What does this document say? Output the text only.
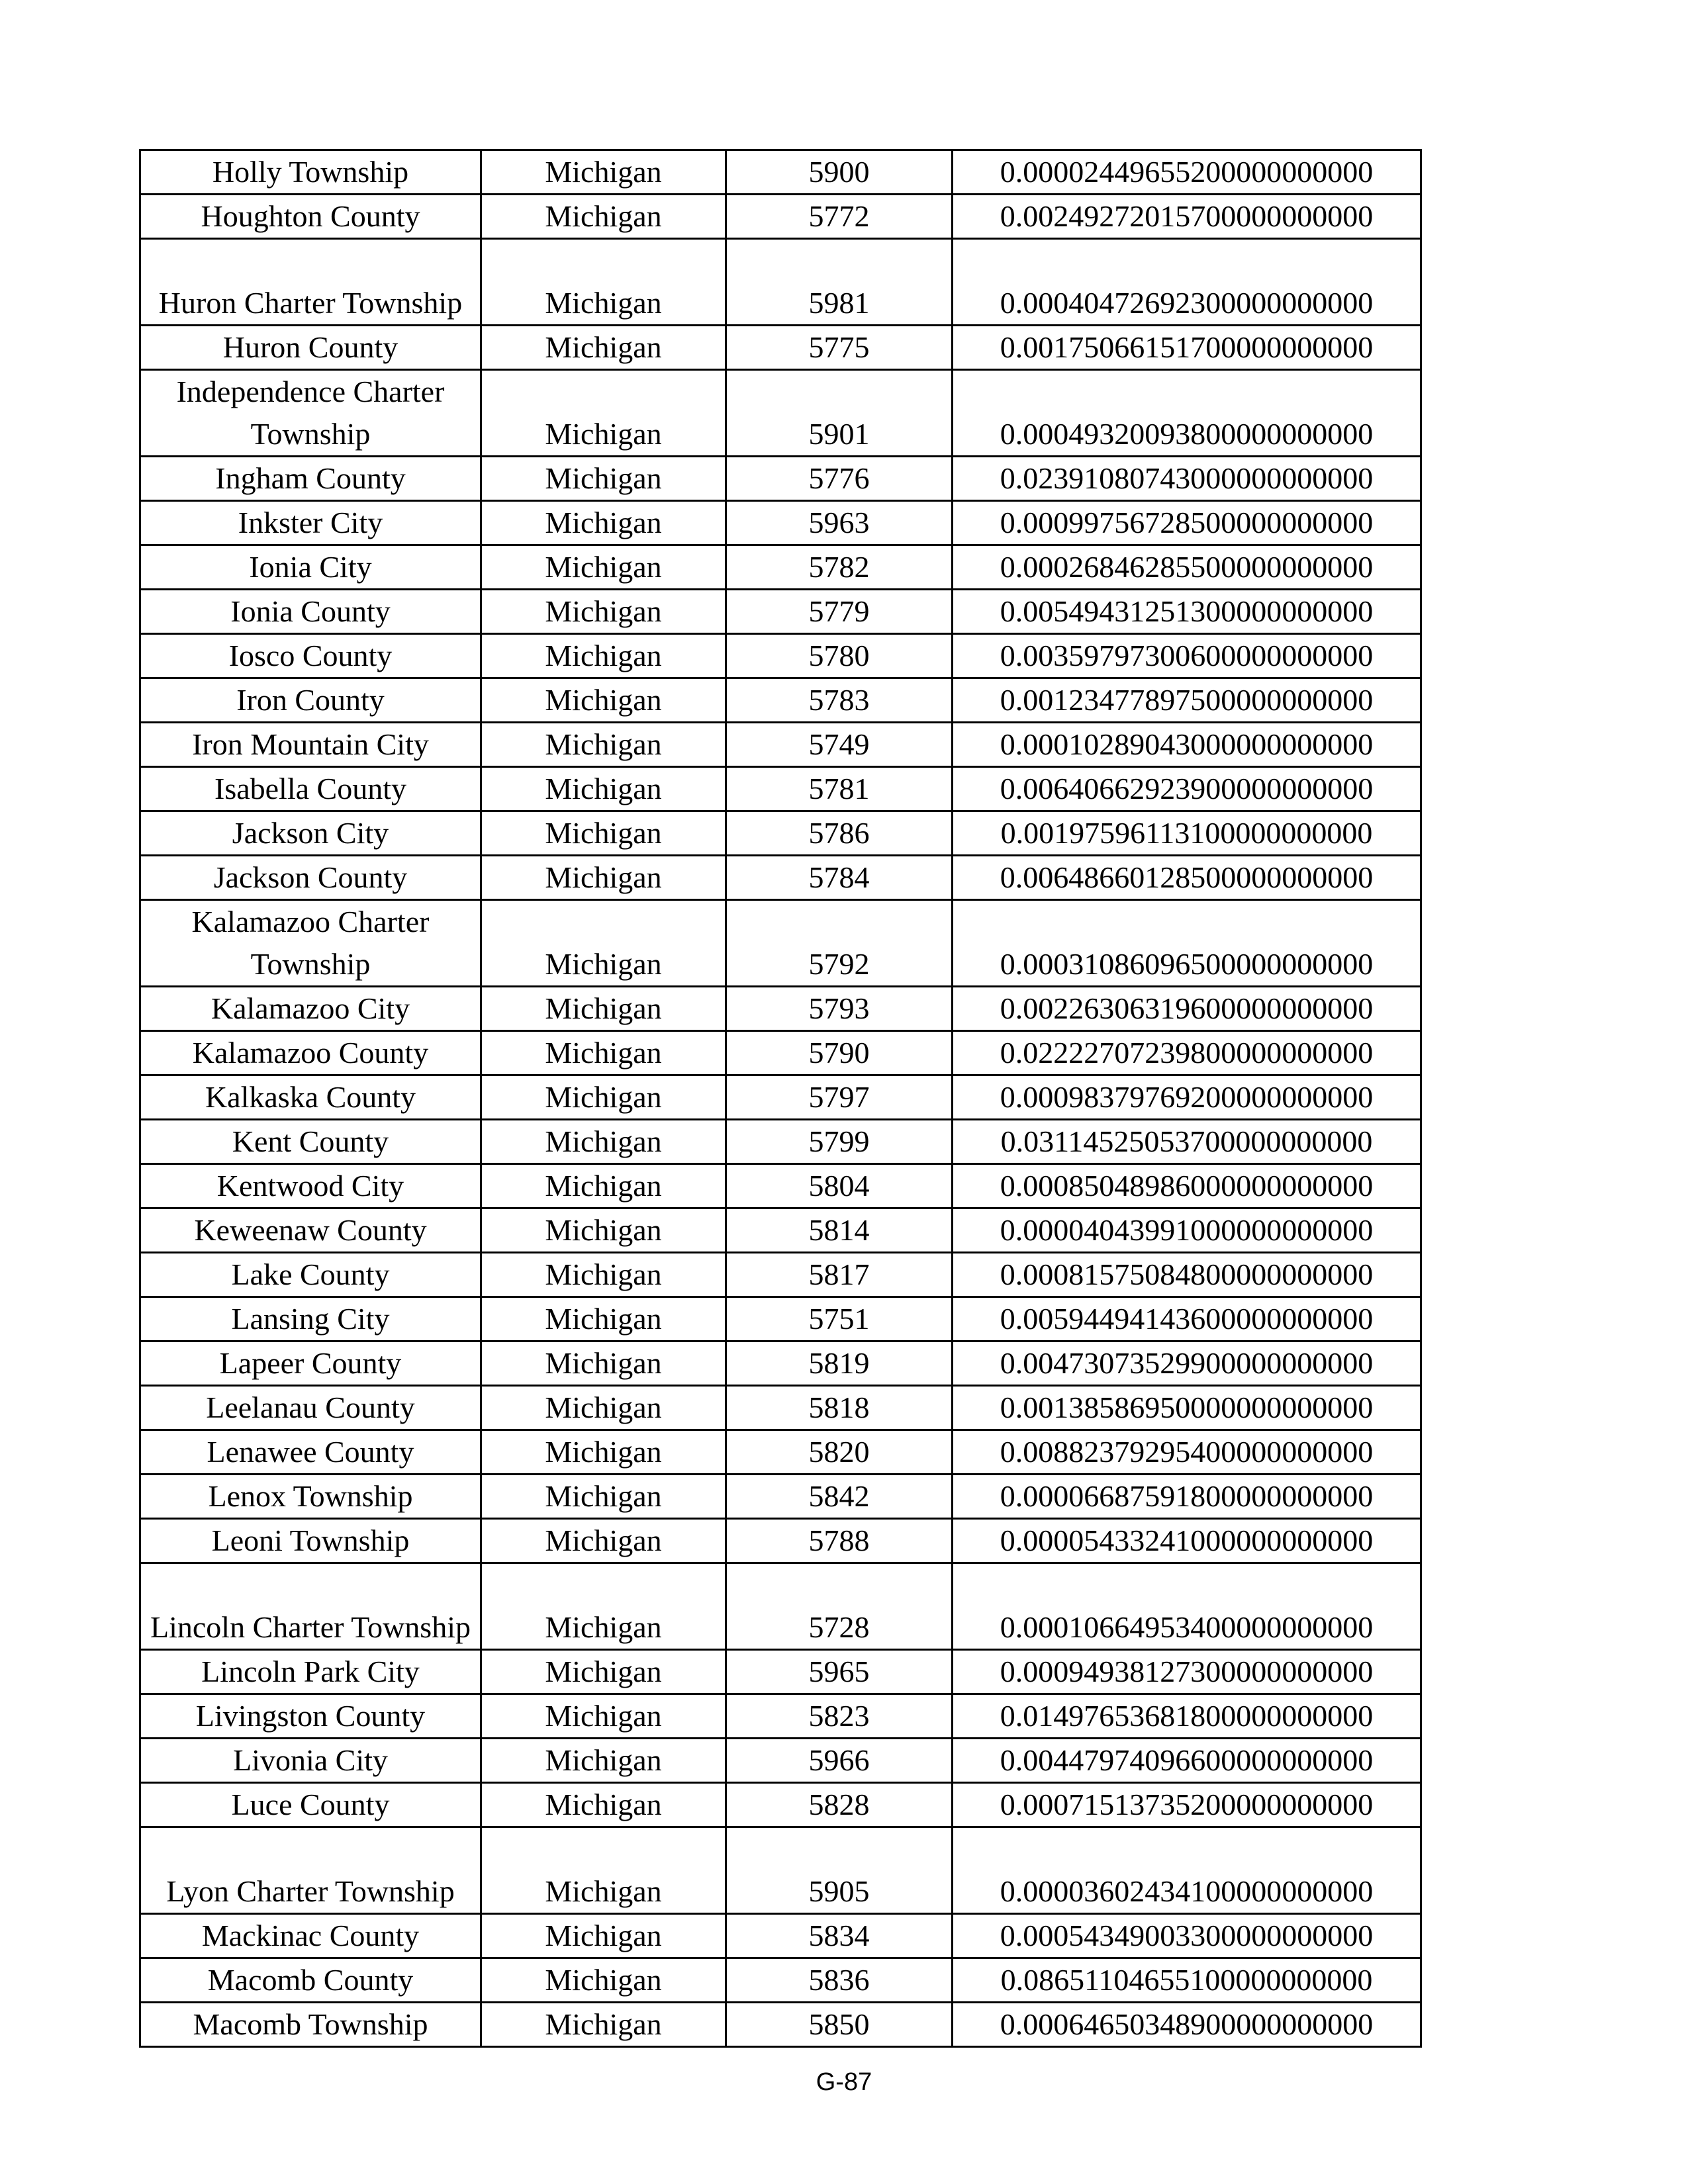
Holly Township	Michigan	5900	0.00002449655200000000000
Houghton County	Michigan	5772	0.00249272015700000000000
Huron Charter Township	Michigan	5981	0.00040472692300000000000
Huron County	Michigan	5775	0.00175066151700000000000
Independence Charter Township	Michigan	5901	0.00049320093800000000000
Ingham County	Michigan	5776	0.02391080743000000000000
Inkster City	Michigan	5963	0.00099756728500000000000
Ionia City	Michigan	5782	0.00026846285500000000000
Ionia County	Michigan	5779	0.00549431251300000000000
Iosco County	Michigan	5780	0.00359797300600000000000
Iron County	Michigan	5783	0.00123477897500000000000
Iron Mountain City	Michigan	5749	0.00010289043000000000000
Isabella County	Michigan	5781	0.00640662923900000000000
Jackson City	Michigan	5786	0.00197596113100000000000
Jackson County	Michigan	5784	0.00648660128500000000000
Kalamazoo Charter Township	Michigan	5792	0.00031086096500000000000
Kalamazoo City	Michigan	5793	0.00226306319600000000000
Kalamazoo County	Michigan	5790	0.02222707239800000000000
Kalkaska County	Michigan	5797	0.00098379769200000000000
Kent County	Michigan	5799	0.03114525053700000000000
Kentwood City	Michigan	5804	0.00085048986000000000000
Keweenaw County	Michigan	5814	0.00004043991000000000000
Lake County	Michigan	5817	0.00081575084800000000000
Lansing City	Michigan	5751	0.00594494143600000000000
Lapeer County	Michigan	5819	0.00473073529900000000000
Leelanau County	Michigan	5818	0.00138586950000000000000
Lenawee County	Michigan	5820	0.00882379295400000000000
Lenox Township	Michigan	5842	0.00006687591800000000000
Leoni Township	Michigan	5788	0.00005433241000000000000
Lincoln Charter Township	Michigan	5728	0.00010664953400000000000
Lincoln Park City	Michigan	5965	0.00094938127300000000000
Livingston County	Michigan	5823	0.01497653681800000000000
Livonia City	Michigan	5966	0.00447974096600000000000
Luce County	Michigan	5828	0.00071513735200000000000
Lyon Charter Township	Michigan	5905	0.00003602434100000000000
Mackinac County	Michigan	5834	0.00054349003300000000000
Macomb County	Michigan	5836	0.08651104655100000000000
Macomb Township	Michigan	5850	0.00064650348900000000000
G-87
